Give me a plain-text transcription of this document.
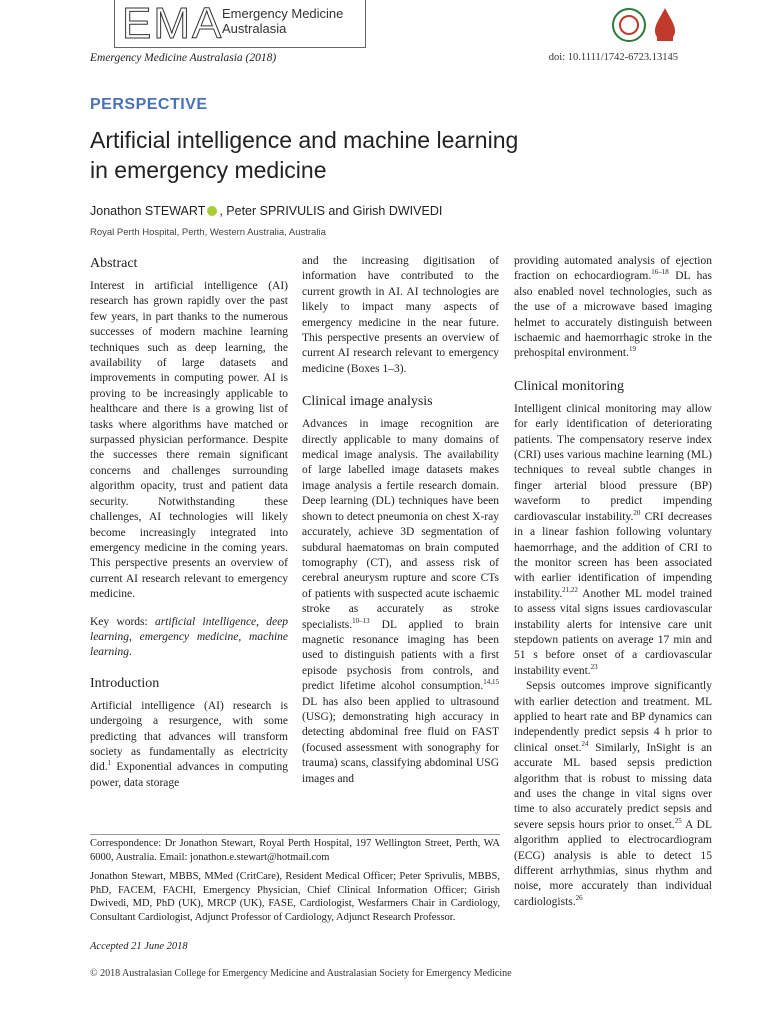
EMA
Emergency Medicine
Australasia
Emergency Medicine Australasia (2018)	doi: 10.1111/1742-6723.13145
PERSPECTIVE
Artificial intelligence and machine learning
in emergency medicine
Jonathon STEWART , Peter SPRIVULIS and Girish DWIVEDI
Royal Perth Hospital, Perth, Western Australia, Australia
Abstract

Interest in artificial intelligence (AI) research has grown rapidly over the past few years, in part thanks to the numerous successes of modern machine learning techniques such as deep learning, the availability of large datasets and improvements in computing power. AI is proving to be increasingly applicable to healthcare and there is a growing list of tasks where algorithms have matched or surpassed physician performance. Despite the successes there remain significant concerns and challenges surrounding algorithm opacity, trust and patient data security. Notwithstanding these challenges, AI technologies will likely become increasingly integrated into emergency medicine in the coming years. This perspective presents an overview of current AI research relevant to emergency medicine.

Key words: artificial intelligence, deep learning, emergency medicine, machine learning.

Introduction

Artificial intelligence (AI) research is undergoing a resurgence, with some predicting that advances will transform society as fundamentally as electricity did.$^1$ Exponential advances in computing power, data storage

and the increasing digitisation of information have contributed to the current growth in AI. AI technologies are likely to impact many aspects of emergency medicine in the near future. This perspective presents an overview of current AI research relevant to emergency medicine (Boxes 1–3).

Clinical image analysis

Advances in image recognition are directly applicable to many domains of medical image analysis. The availability of large labelled image datasets makes image analysis a fertile research domain. Deep learning (DL) techniques have been shown to detect pneumonia on chest X-ray accurately, achieve 3D segmentation of subdural haematomas on brain computed tomography (CT), and assess risk of cerebral aneurysm rupture and score CTs of patients with suspected acute ischaemic stroke as accurately as stroke specialists.$^{10-13}$ DL applied to brain magnetic resonance imaging has been used to distinguish patients with a first episode psychosis from controls, and predict lifetime alcohol consumption.$^{14,15}$ DL has also been applied to ultrasound (USG); demonstrating high accuracy in detecting abdominal free fluid on FAST (focused assessment with sonography for trauma) scans, classifying abdominal USG images and

providing automated analysis of ejection fraction on echocardiogram.$^{16-18}$ DL has also enabled novel technologies, such as the use of a microwave based imaging helmet to accurately distinguish between ischaemic and haemorrhagic stroke in the prehospital environment.$^{19}$

Clinical monitoring

Intelligent clinical monitoring may allow for early identification of deteriorating patients. The compensatory reserve index (CRI) uses various machine learning (ML) techniques to reveal subtle changes in finger arterial blood pressure (BP) waveform to predict impending cardiovascular instability.$^{20}$ CRI decreases in a linear fashion following voluntary haemorrhage, and the addition of CRI to the monitor screen has been associated with earlier identification of impending instability.$^{21,22}$ Another ML model trained to assess vital signs issues cardiovascular instability alerts for intensive care unit stepdown patients on average 17 min and 51 s before onset of a cardiovascular instability event.$^{23}$

Sepsis outcomes improve significantly with earlier detection and treatment. ML applied to heart rate and BP dynamics can independently predict sepsis 4 h prior to clinical onset.$^{24}$ Similarly, InSight is an accurate ML based sepsis prediction algorithm that is robust to missing data and uses the change in vital signs over time to also accurately predict sepsis and severe sepsis hours prior to onset.$^{25}$ A DL algorithm applied to electrocardiogram (ECG) analysis is able to detect 15 different arrhythmias, sinus rhythm and noise, more accurately than individual cardiologists.$^{26}$

Correspondence: Dr Jonathon Stewart, Royal Perth Hospital, 197 Wellington Street, Perth, WA 6000, Australia. Email: jonathon.e.stewart@hotmail.com

Jonathon Stewart, MBBS, MMed (CritCare), Resident Medical Officer; Peter Sprivulis, MBBS, PhD, FACEM, FACHI, Emergency Physician, Chief Clinical Information Officer; Girish Dwivedi, MD, PhD (UK), MRCP (UK), FASE, Cardiologist, Wesfarmers Chair in Cardiology, Consultant Cardiologist, Adjunct Professor of Cardiology, Adjunct Research Professor.

Accepted 21 June 2018
© 2018 Australasian College for Emergency Medicine and Australasian Society for Emergency Medicine
